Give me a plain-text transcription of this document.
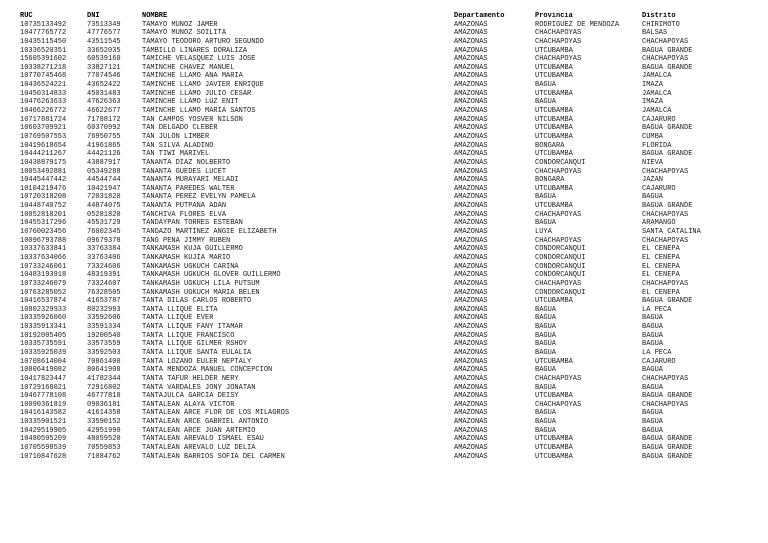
RUC	DNI	NOMBRE	Departamento	Provincia	Distrito
10735133492	73513349	TAMAYO MUÑOZ JAMER	AMAZONAS	RODRIGUEZ DE MENDOZA	CHIRIMOTO
10477765772	47776577	TAMAYO MUÑOZ SOILITA	AMAZONAS	CHACHAPOYAS	BALSAS
10435115450	43511545	TAMAYO TEODORO ARTURO SEGUNDO	AMAZONAS	CHACHAPOYAS	CHACHAPOYAS
10336520351	33652035	TAMBILLO LINARES DORALIZA	AMAZONAS	UTCUBAMBA	BAGUA GRANDE
15605391602	60539160	TAMICHE VELASQUEZ LUIS JOSE	AMAZONAS	CHACHAPOYAS	CHACHAPOYAS
10338271218	33827121	TAMINCHE CHAVEZ MANUEL	AMAZONAS	UTCUBAMBA	BAGUA GRANDE
10770745468	77074546	TAMINCHE LLAMO ANA MARIA	AMAZONAS	UTCUBAMBA	JAMALCA
10436524221	43652422	TAMINCHE LLAMO JAVIER ENRIQUE	AMAZONAS	BAGUA	IMAZA
10450314833	45031483	TAMINCHE LLAMO JULIO CESAR	AMAZONAS	UTCUBAMBA	JAMALCA
10476263633	47626363	TAMINCHE LLAMO LUZ ENIT	AMAZONAS	BAGUA	IMAZA
10466226772	46622677	TAMINCHE LLAMO MARÍA SANTOS	AMAZONAS	UTCUBAMBA	JAMALCA
10717881724	71788172	TAN CAMPOS YOSVER NILSON	AMAZONAS	UTCUBAMBA	CAJARURO
10603709921	60370992	TAN DELGADO CLEBER	AMAZONAS	UTCUBAMBA	BAGUA GRANDE
10769507553	76950755	TAN JULON LIMBER	AMAZONAS	UTCUBAMBA	CUMBA
10419618654	41961865	TAN SILVA ALADINO	AMAZONAS	BONGARA	FLORIDA
10444211267	44421126	TAN TIWI MARIVEL	AMAZONAS	UTCUBAMBA	BAGUA GRANDE
10438879175	43887917	TANANTA DIAZ NOLBERTO	AMAZONAS	CONDORCANQUI	NIEVA
10053492881	05349288	TANANTA GUEDES LUCET	AMAZONAS	CHACHAPOYAS	CHACHAPOYAS
10445447442	44544744	TANANTA MURAYARI MELADI	AMAZONAS	BONGARA	JAZAN
10104219476	10421947	TANANTA PAREDES WALTER	AMAZONAS	UTCUBAMBA	CAJARURO
10720318208	72031820	TANANTA PEREZ EVELYN PAMELA	AMAZONAS	BAGUA	BAGUA
10448740752	44874075	TANANTA PUTPAÑA ADAN	AMAZONAS	UTCUBAMBA	BAGUA GRANDE
10052818201	05281820	TANCHIVA FLORES ELVA	AMAZONAS	CHACHAPOYAS	CHACHAPOYAS
10455317296	45531729	TANDAYPAN TORRES ESTEBAN	AMAZONAS	BAGUA	ARAMANGO
10760023456	76002345	TANDAZO MARTINEZ ANGIE ELIZABETH	AMAZONAS	LUYA	SANTA CATALINA
10096793788	09679378	TANG PEÑA JIMMY RUBEN	AMAZONAS	CHACHAPOYAS	CHACHAPOYAS
10337633841	33763384	TANKAMASH KUJA GUILLERMO	AMAZONAS	CONDORCANQUI	EL CENEPA
10337634066	33763406	TANKAMASH KUJIA MARIO	AMAZONAS	CONDORCANQUI	EL CENEPA
10733246061	73324606	TANKAMASH UGKUCH CARINA	AMAZONAS	CONDORCANQUI	EL CENEPA
10483193918	48319391	TANKAMASH UGKUCH GLOVER GUILLERMO	AMAZONAS	CONDORCANQUI	EL CENEPA
10733246079	73324607	TANKAMASH UGKUCH LILA PUTSUM	AMAZONAS	CHACHAPOYAS	CHACHAPOYAS
10763285052	76328505	TANKAMASH UGKUCH MARIA BELEN	AMAZONAS	CONDORCANQUI	EL CENEPA
10416537874	41653787	TANTA DILAS CARLOS ROBERTO	AMAZONAS	UTCUBAMBA	BAGUA GRANDE
10802329933	80232993	TANTA LLIQUE ELITA	AMAZONAS	BAGUA	LA PECA
10335926060	33592606	TANTA LLIQUE EVER	AMAZONAS	BAGUA	BAGUA
10335913341	33591334	TANTA LLIQUE FANY ITAMAR	AMAZONAS	BAGUA	BAGUA
10192005405	19200540	TANTA LLIQUE FRANCISCO	AMAZONAS	BAGUA	BAGUA
10335735591	33573559	TANTA LLIQUE GILMER RSHOY	AMAZONAS	BAGUA	BAGUA
10335925039	33592503	TANTA LLIQUE SANTA EULALIA	AMAZONAS	BAGUA	LA PECA
10708614004	70861400	TANTA LOZANO EULER NEPTALY	AMAZONAS	UTCUBAMBA	CAJARURO
10806419082	80641908	TANTA MENDOZA MANUEL CONCEPCION	AMAZONAS	BAGUA	BAGUA
10417823447	41782344	TANTA TAFUR HELDER NERY	AMAZONAS	CHACHAPOYAS	CHACHAPOYAS
10729168021	72916802	TANTA VARDALES JONY JONATAN	AMAZONAS	BAGUA	BAGUA
10467778108	46777810	TANTAJULCA GARCIA DEISY	AMAZONAS	UTCUBAMBA	BAGUA GRANDE
10090361819	09036181	TANTALEAN ALAYA VICTOR	AMAZONAS	CHACHAPOYAS	CHACHAPOYAS
10416143582	41614358	TANTALEAN ARCE FLOR DE LOS MILAGROS	AMAZONAS	BAGUA	BAGUA
10335901521	33590152	TANTALEAN ARCE GABRIEL ANTONIO	AMAZONAS	BAGUA	BAGUA
10429519905	42951990	TANTALEAN ARCE JUAN ARTEMIO	AMAZONAS	BAGUA	BAGUA
10480595209	48059520	TANTALEAN AREVALO ISMAEL ESAU	AMAZONAS	UTCUBAMBA	BAGUA GRANDE
10705598539	70559853	TANTALEAN AREVALO LUZ DELIA	AMAZONAS	UTCUBAMBA	BAGUA GRANDE
10710847628	71084762	TANTALEAN BARRIOS SOFIA DEL CARMEN	AMAZONAS	UTCUBAMBA	BAGUA GRANDE
